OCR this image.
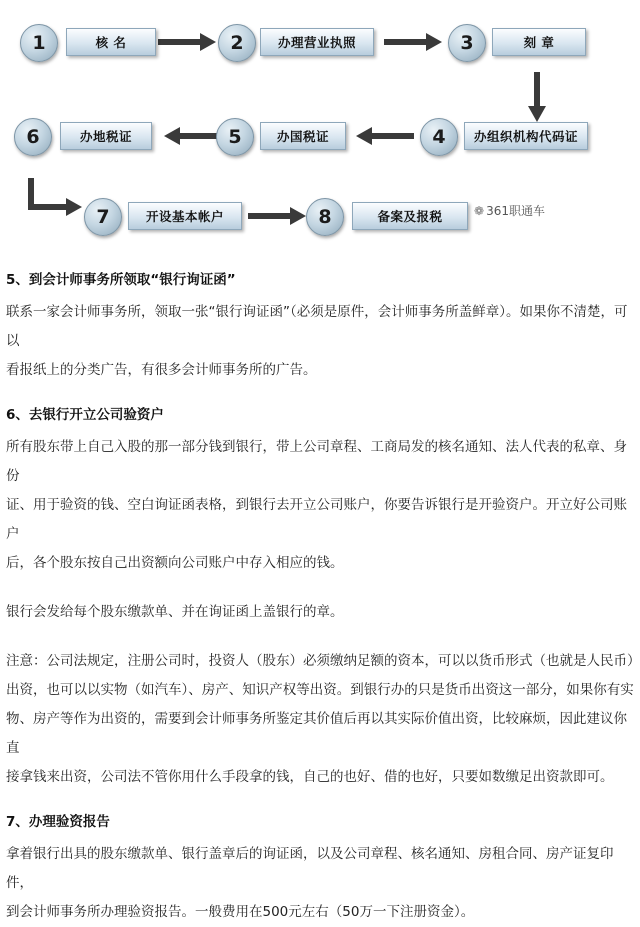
1	核 名	2	办理营业执照	3	刻 章
4	办组织机构代码证
5	办国税证
6	办地税证
7	开设基本帐户	8	备案及报税	❁ 361职通车

5、到会计师事务所领取“银行询证函”

联系一家会计师事务所，领取一张“银行询证函”（必须是原件，会计师事务所盖鲜章）。如果你不清楚，可以

看报纸上的分类广告，有很多会计师事务所的广告。

6、去银行开立公司验资户

所有股东带上自己入股的那一部分钱到银行，带上公司章程、工商局发的核名通知、法人代表的私章、身份

证、用于验资的钱、空白询证函表格，到银行去开立公司账户，你要告诉银行是开验资户。开立好公司账户

后，各个股东按自己出资额向公司账户中存入相应的钱。

银行会发给每个股东缴款单、并在询证函上盖银行的章。

注意：公司法规定，注册公司时，投资人（股东）必须缴纳足额的资本，可以以货币形式（也就是人民币）

出资，也可以以实物（如汽车）、房产、知识产权等出资。到银行办的只是货币出资这一部分，如果你有实

物、房产等作为出资的，需要到会计师事务所鉴定其价值后再以其实际价值出资，比较麻烦，因此建议你直

接拿钱来出资，公司法不管你用什么手段拿的钱，自己的也好、借的也好，只要如数缴足出资款即可。

7、办理验资报告

拿着银行出具的股东缴款单、银行盖章后的询证函，以及公司章程、核名通知、房租合同、房产证复印件，

到会计师事务所办理验资报告。一般费用在500元左右（50万一下注册资金）。
